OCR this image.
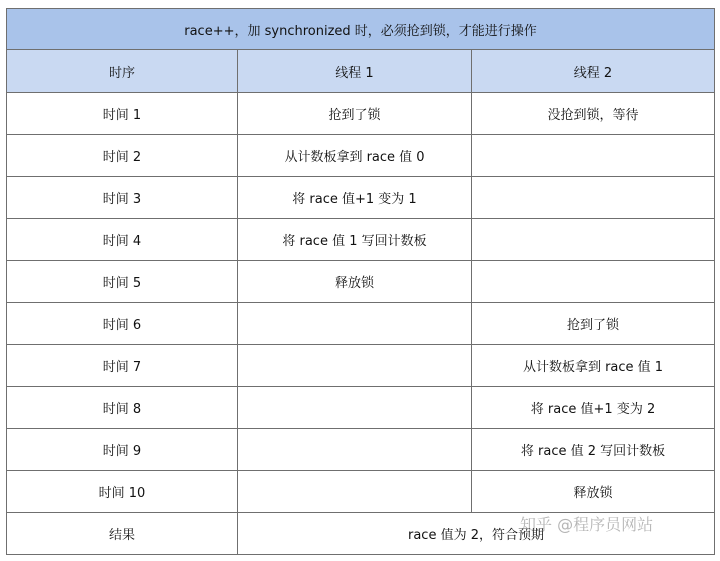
race++，加 synchronized 时，必须抢到锁，才能进行操作		
时序	线程 1	线程 2
时间 1	抢到了锁	没抢到锁，等待
时间 2	从计数板拿到 race 值 0	
时间 3	将 race 值+1 变为 1	
时间 4	将 race 值 1 写回计数板	
时间 5	释放锁	
时间 6		抢到了锁
时间 7		从计数板拿到 race 值 1
时间 8		将 race 值+1 变为 2
时间 9		将 race 值 2 写回计数板
时间 10		释放锁
结果	race 值为 2，符合预期	
知乎 @程序员网站
